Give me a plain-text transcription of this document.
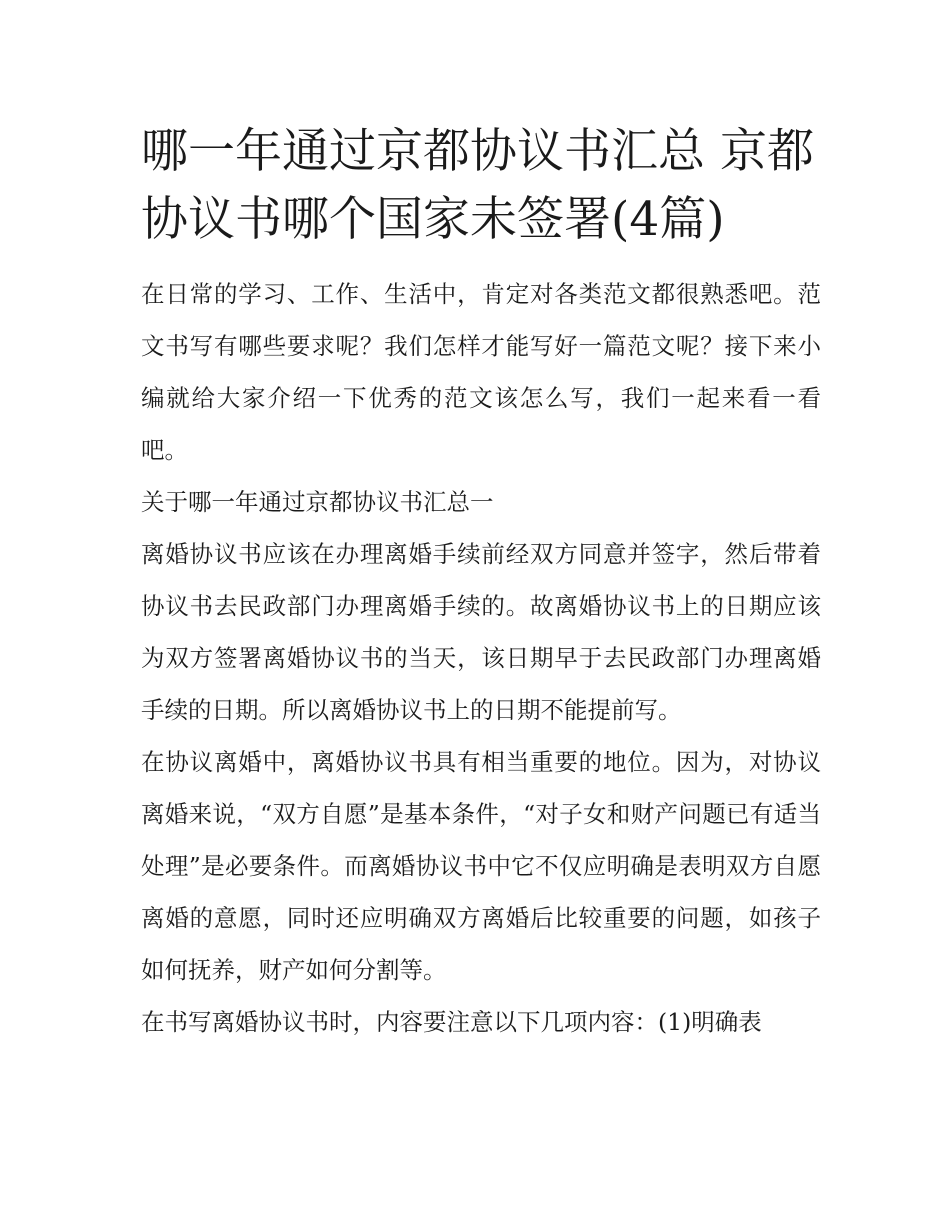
哪一年通过京都协议书汇总 京都协议书哪个国家未签署(4篇)

在日常的学习、工作、生活中，肯定对各类范文都很熟悉吧。范文书写有哪些要求呢？我们怎样才能写好一篇范文呢？接下来小编就给大家介绍一下优秀的范文该怎么写，我们一起来看一看吧。

关于哪一年通过京都协议书汇总一

离婚协议书应该在办理离婚手续前经双方同意并签字，然后带着协议书去民政部门办理离婚手续的。故离婚协议书上的日期应该为双方签署离婚协议书的当天，该日期早于去民政部门办理离婚手续的日期。所以离婚协议书上的日期不能提前写。

在协议离婚中，离婚协议书具有相当重要的地位。因为，对协议离婚来说，“双方自愿”是基本条件，“对子女和财产问题已有适当处理”是必要条件。而离婚协议书中它不仅应明确是表明双方自愿离婚的意愿，同时还应明确双方离婚后比较重要的问题，如孩子如何抚养，财产如何分割等。

在书写离婚协议书时，内容要注意以下几项内容：(1)明确表
